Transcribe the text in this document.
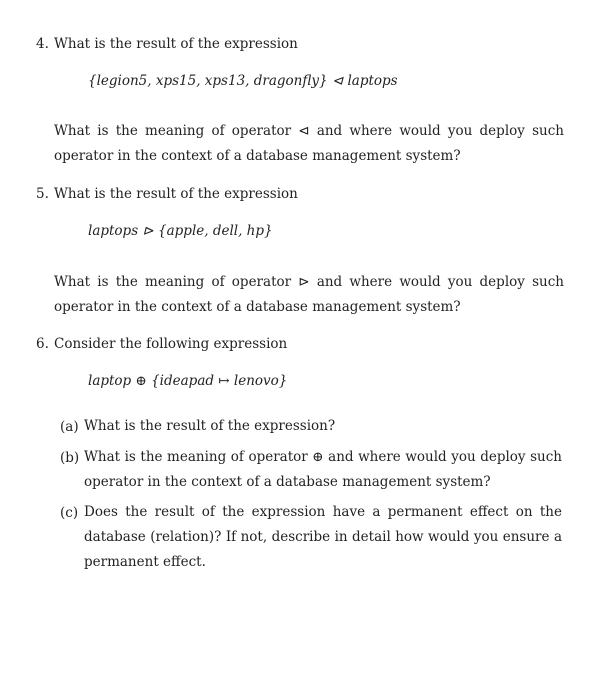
4. What is the result of the expression
{legion5, xps15, xps13, dragonfly} ⊲ laptops
What is the meaning of operator ⊲ and where would you deploy such operator in the context of a database management system?
5. What is the result of the expression
laptops ⊳ {apple, dell, hp}
What is the meaning of operator ⊳ and where would you deploy such operator in the context of a database management system?
6. Consider the following expression
laptop ⊕ {ideapad ↦ lenovo}
(a) What is the result of the expression?
(b) What is the meaning of operator ⊕ and where would you deploy such operator in the context of a database management system?
(c) Does the result of the expression have a permanent effect on the database (relation)? If not, describe in detail how would you ensure a permanent effect.
